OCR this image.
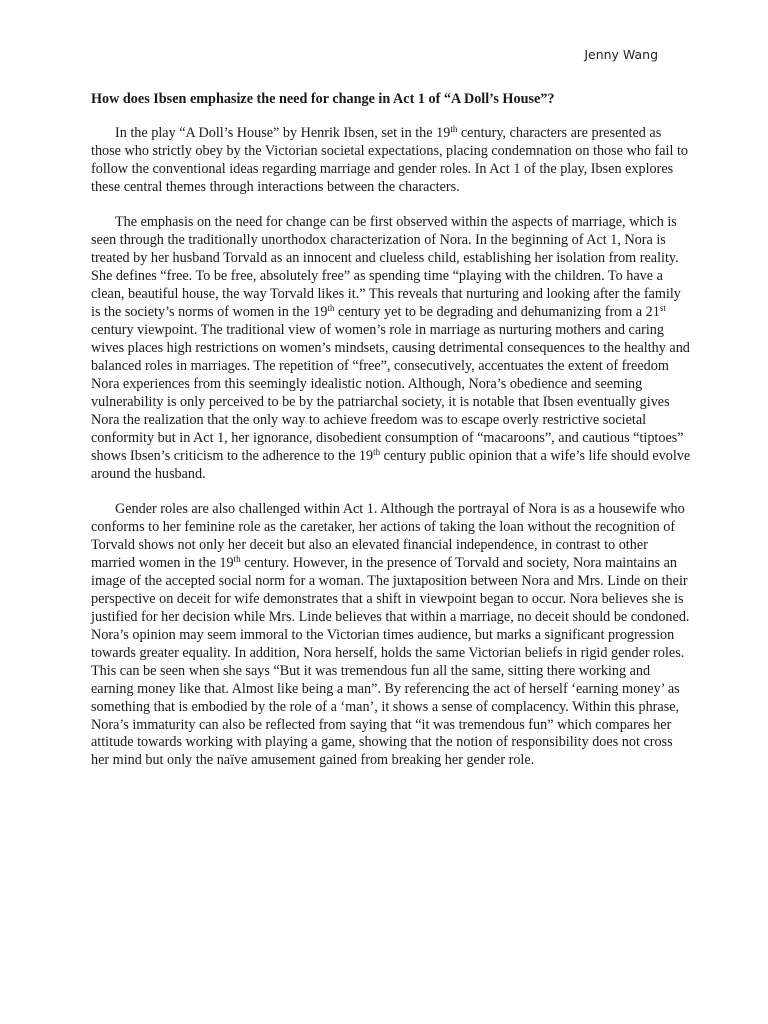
Jenny Wang
How does Ibsen emphasize the need for change in Act 1 of “A Doll’s House”?

In the play “A Doll’s House” by Henrik Ibsen, set in the 19th century, characters are presented as those who strictly obey by the Victorian societal expectations, placing condemnation on those who fail to follow the conventional ideas regarding marriage and gender roles. In Act 1 of the play, Ibsen explores these central themes through interactions between the characters.

The emphasis on the need for change can be first observed within the aspects of marriage, which is seen through the traditionally unorthodox characterization of Nora. In the beginning of Act 1, Nora is treated by her husband Torvald as an innocent and clueless child, establishing her isolation from reality. She defines “free. To be free, absolutely free” as spending time “playing with the children. To have a clean, beautiful house, the way Torvald likes it.” This reveals that nurturing and looking after the family is the society’s norms of women in the 19th century yet to be degrading and dehumanizing from a 21st century viewpoint. The traditional view of women’s role in marriage as nurturing mothers and caring wives places high restrictions on women’s mindsets, causing detrimental consequences to the healthy and balanced roles in marriages. The repetition of “free”, consecutively, accentuates the extent of freedom Nora experiences from this seemingly idealistic notion. Although, Nora’s obedience and seeming vulnerability is only perceived to be by the patriarchal society, it is notable that Ibsen eventually gives Nora the realization that the only way to achieve freedom was to escape overly restrictive societal conformity but in Act 1, her ignorance, disobedient consumption of “macaroons”, and cautious “tiptoes” shows Ibsen’s criticism to the adherence to the 19th century public opinion that a wife’s life should evolve around the husband.

Gender roles are also challenged within Act 1. Although the portrayal of Nora is as a housewife who conforms to her feminine role as the caretaker, her actions of taking the loan without the recognition of Torvald shows not only her deceit but also an elevated financial independence, in contrast to other married women in the 19th century. However, in the presence of Torvald and society, Nora maintains an image of the accepted social norm for a woman. The juxtaposition between Nora and Mrs. Linde on their perspective on deceit for wife demonstrates that a shift in viewpoint began to occur. Nora believes she is justified for her decision while Mrs. Linde believes that within a marriage, no deceit should be condoned. Nora’s opinion may seem immoral to the Victorian times audience, but marks a significant progression towards greater equality. In addition, Nora herself, holds the same Victorian beliefs in rigid gender roles. This can be seen when she says “But it was tremendous fun all the same, sitting there working and earning money like that. Almost like being a man”. By referencing the act of herself ‘earning money’ as something that is embodied by the role of a ‘man’, it shows a sense of complacency. Within this phrase, Nora’s immaturity can also be reflected from saying that “it was tremendous fun” which compares her attitude towards working with playing a game, showing that the notion of responsibility does not cross her mind but only the naïve amusement gained from breaking her gender role.
